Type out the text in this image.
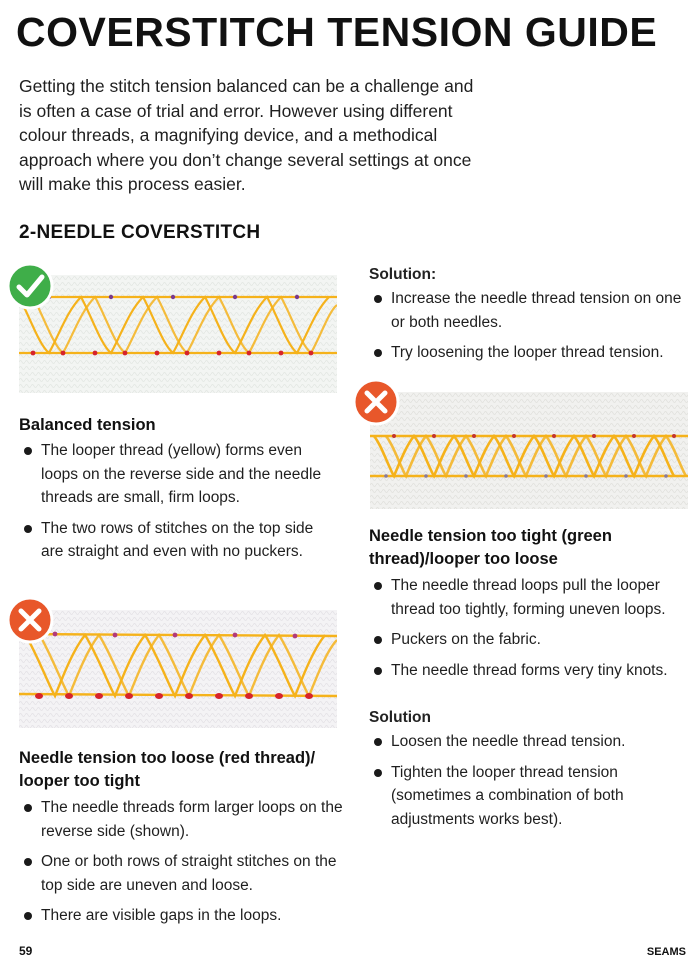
COVERSTITCH TENSION GUIDE

Getting the stitch tension balanced can be a challenge and is often a case of trial and error. However using different colour threads, a magnifying device, and a methodical approach where you don’t change several settings at once will make this process easier.

2-NEEDLE COVERSTITCH
Balanced tension
The looper thread (yellow) forms even loops on the reverse side and the needle threads are small, firm loops.
The two rows of stitches on the top side are straight and even with no puckers.
Needle tension too loose (red thread)/ looper too tight
The needle threads form larger loops on the reverse side (shown).
One or both rows of straight stitches on the top side are uneven and loose.
There are visible gaps in the loops.

Solution:

Increase the needle thread tension on one or both needles.
Try loosening the looper thread tension.
Needle tension too tight (green thread)/looper too loose
The needle thread loops pull the looper thread too tightly, forming uneven loops.
Puckers on the fabric.
The needle thread forms very tiny knots.

Solution

Loosen the needle thread tension.
Tighten the looper thread tension (sometimes a combination of both adjustments works best).
59	SEAMS
